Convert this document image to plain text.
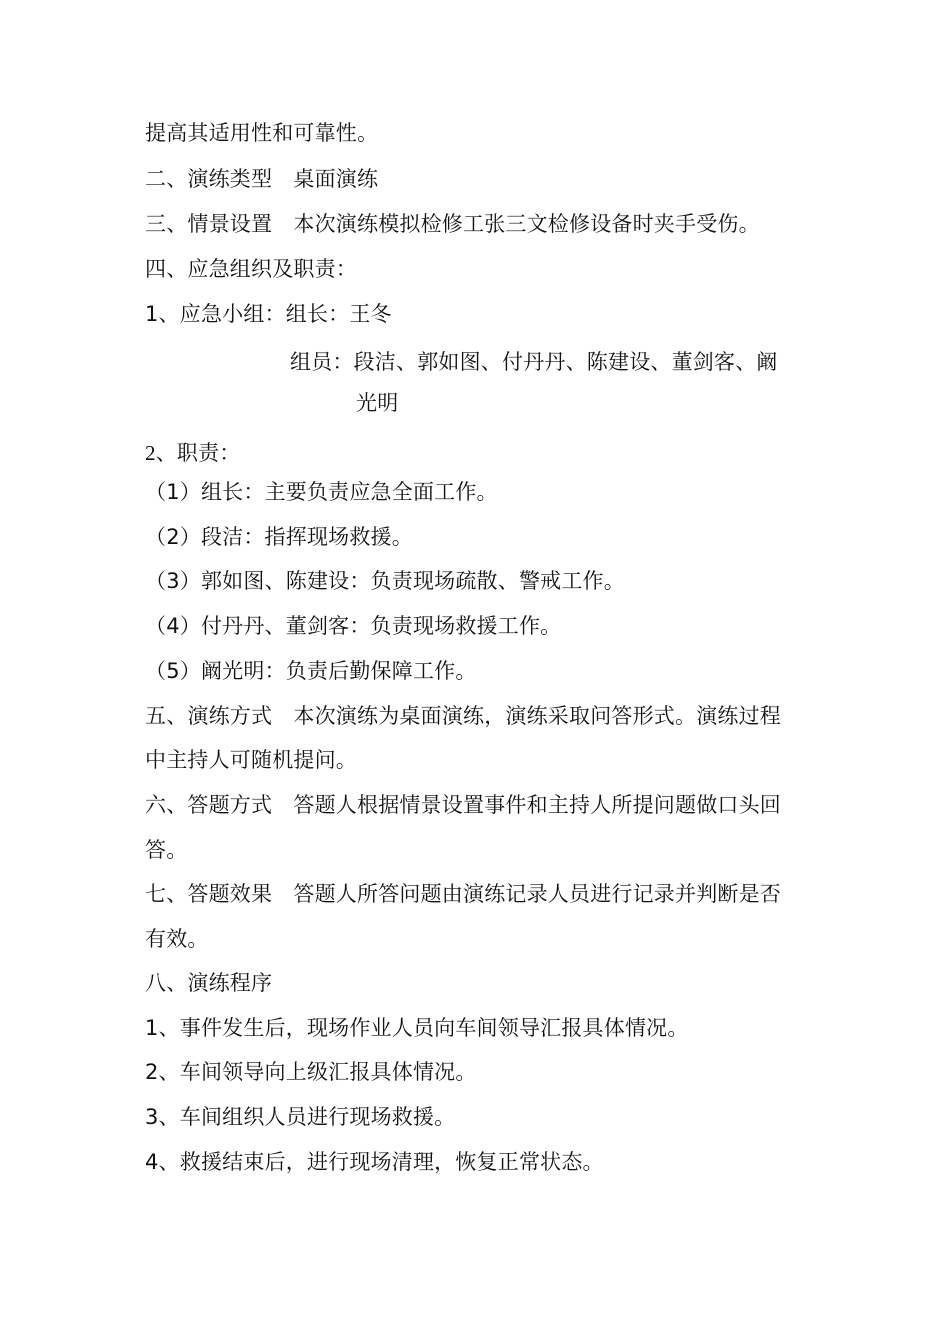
提高其适用性和可靠性。
二、演练类型　桌面演练
三、情景设置　本次演练模拟检修工张三文检修设备时夹手受伤。
四、应急组织及职责：
1、应急小组：组长：王冬
组员：段洁、郭如图、付丹丹、陈建设、董剑客、阚
光明
2、职责：
（1）组长：主要负责应急全面工作。
（2）段洁：指挥现场救援。
（3）郭如图、陈建设：负责现场疏散、警戒工作。
（4）付丹丹、董剑客：负责现场救援工作。
（5）阚光明：负责后勤保障工作。
五、演练方式　本次演练为桌面演练，演练采取问答形式。演练过程
中主持人可随机提问。
六、答题方式　答题人根据情景设置事件和主持人所提问题做口头回
答。
七、答题效果　答题人所答问题由演练记录人员进行记录并判断是否
有效。
八、演练程序
1、事件发生后，现场作业人员向车间领导汇报具体情况。
2、车间领导向上级汇报具体情况。
3、车间组织人员进行现场救援。
4、救援结束后，进行现场清理，恢复正常状态。
